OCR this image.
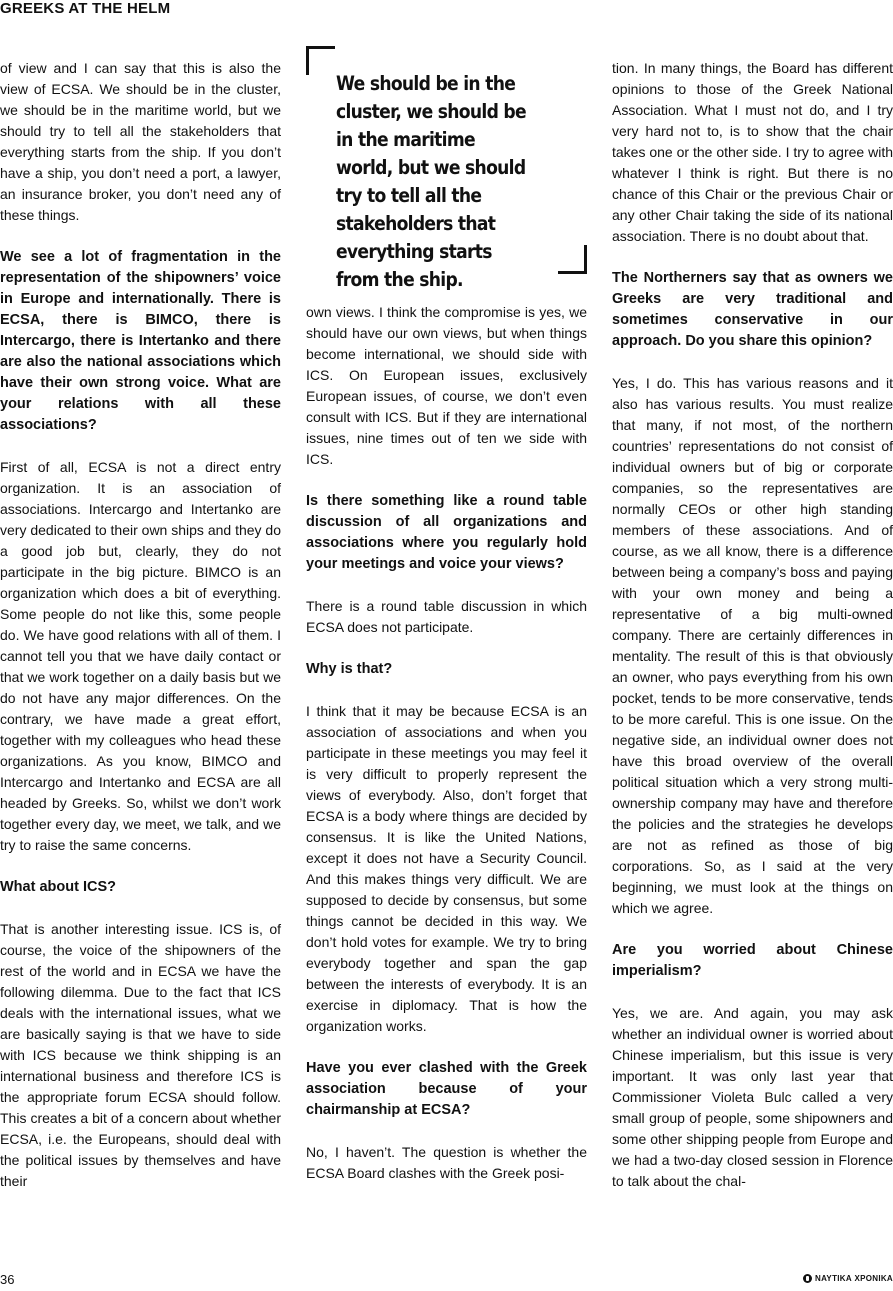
GREEKS AT THE HELM

of view and I can say that this is also the view of ECSA. We should be in the cluster, we should be in the maritime world, but we should try to tell all the stakeholders that everything starts from the ship. If you don’t have a ship, you don’t need a port, a lawyer, an insurance broker, you don’t need any of these things.

We see a lot of fragmentation in the representation of the shipowners’ voice in Europe and internationally. There is ECSA, there is BIMCO, there is Intercargo, there is Intertanko and there are also the national associations which have their own strong voice. What are your relations with all these associations?

First of all, ECSA is not a direct entry organization. It is an association of associations. Intercargo and Intertanko are very dedicated to their own ships and they do a good job but, clearly, they do not participate in the big picture. BIMCO is an organization which does a bit of everything. Some people do not like this, some people do. We have good relations with all of them. I cannot tell you that we have daily contact or that we work together on a daily basis but we do not have any major differences. On the contrary, we have made a great effort, together with my colleagues who head these organizations. As you know, BIMCO and Intercargo and Intertanko and ECSA are all headed by Greeks. So, whilst we don’t work together every day, we meet, we talk, and we try to raise the same concerns.

What about ICS?

That is another interesting issue. ICS is, of course, the voice of the shipowners of the rest of the world and in ECSA we have the following dilemma. Due to the fact that ICS deals with the international issues, what we are basically saying is that we have to side with ICS because we think shipping is an international business and therefore ICS is the appropriate forum ECSA should follow. This creates a bit of a concern about whether ECSA, i.e. the Europeans, should deal with the political issues by themselves and have their

We should be in the cluster, we should be in the maritime world, but we should try to tell all the stakeholders that everything starts from the ship.

own views. I think the compromise is yes, we should have our own views, but when things become international, we should side with ICS. On European issues, exclusively European issues, of course, we don’t even consult with ICS. But if they are international issues, nine times out of ten we side with ICS.

Is there something like a round table discussion of all organizations and associations where you regularly hold your meetings and voice your views?

There is a round table discussion in which ECSA does not participate.

Why is that?

I think that it may be because ECSA is an association of associations and when you participate in these meetings you may feel it is very difficult to properly represent the views of everybody. Also, don’t forget that ECSA is a body where things are decided by consensus. It is like the United Nations, except it does not have a Security Council. And this makes things very difficult. We are supposed to decide by consensus, but some things cannot be decided in this way. We don’t hold votes for example. We try to bring everybody together and span the gap between the interests of everybody. It is an exercise in diplomacy. That is how the organization works.

Have you ever clashed with the Greek association because of your chairmanship at ECSA?

No, I haven’t. The question is whether the ECSA Board clashes with the Greek posi-

tion. In many things, the Board has different opinions to those of the Greek National Association. What I must not do, and I try very hard not to, is to show that the chair takes one or the other side. I try to agree with whatever I think is right. But there is no chance of this Chair or the previous Chair or any other Chair taking the side of its national association. There is no doubt about that.

The Northerners say that as owners we Greeks are very traditional and sometimes conservative in our approach. Do you share this opinion?

Yes, I do. This has various reasons and it also has various results. You must realize that many, if not most, of the northern countries’ representations do not consist of individual owners but of big or corporate companies, so the representatives are normally CEOs or other high standing members of these associations. And of course, as we all know, there is a difference between being a company’s boss and paying with your own money and being a representative of a big multi-owned company. There are certainly differences in mentality. The result of this is that obviously an owner, who pays everything from his own pocket, tends to be more conservative, tends to be more careful. This is one issue. On the negative side, an individual owner does not have this broad overview of the overall political situation which a very strong multi-ownership company may have and therefore the policies and the strategies he develops are not as refined as those of big corporations. So, as I said at the very beginning, we must look at the things on which we agree.

Are you worried about Chinese imperialism?

Yes, we are. And again, you may ask whether an individual owner is worried about Chinese imperialism, but this issue is very important. It was only last year that Commissioner Violeta Bulc called a very small group of people, some shipowners and some other shipping people from Europe and we had a two-day closed session in Florence to talk about the chal-

36	ΝΑΥΤΙΚΑ ΧΡΟΝΙΚΑ
